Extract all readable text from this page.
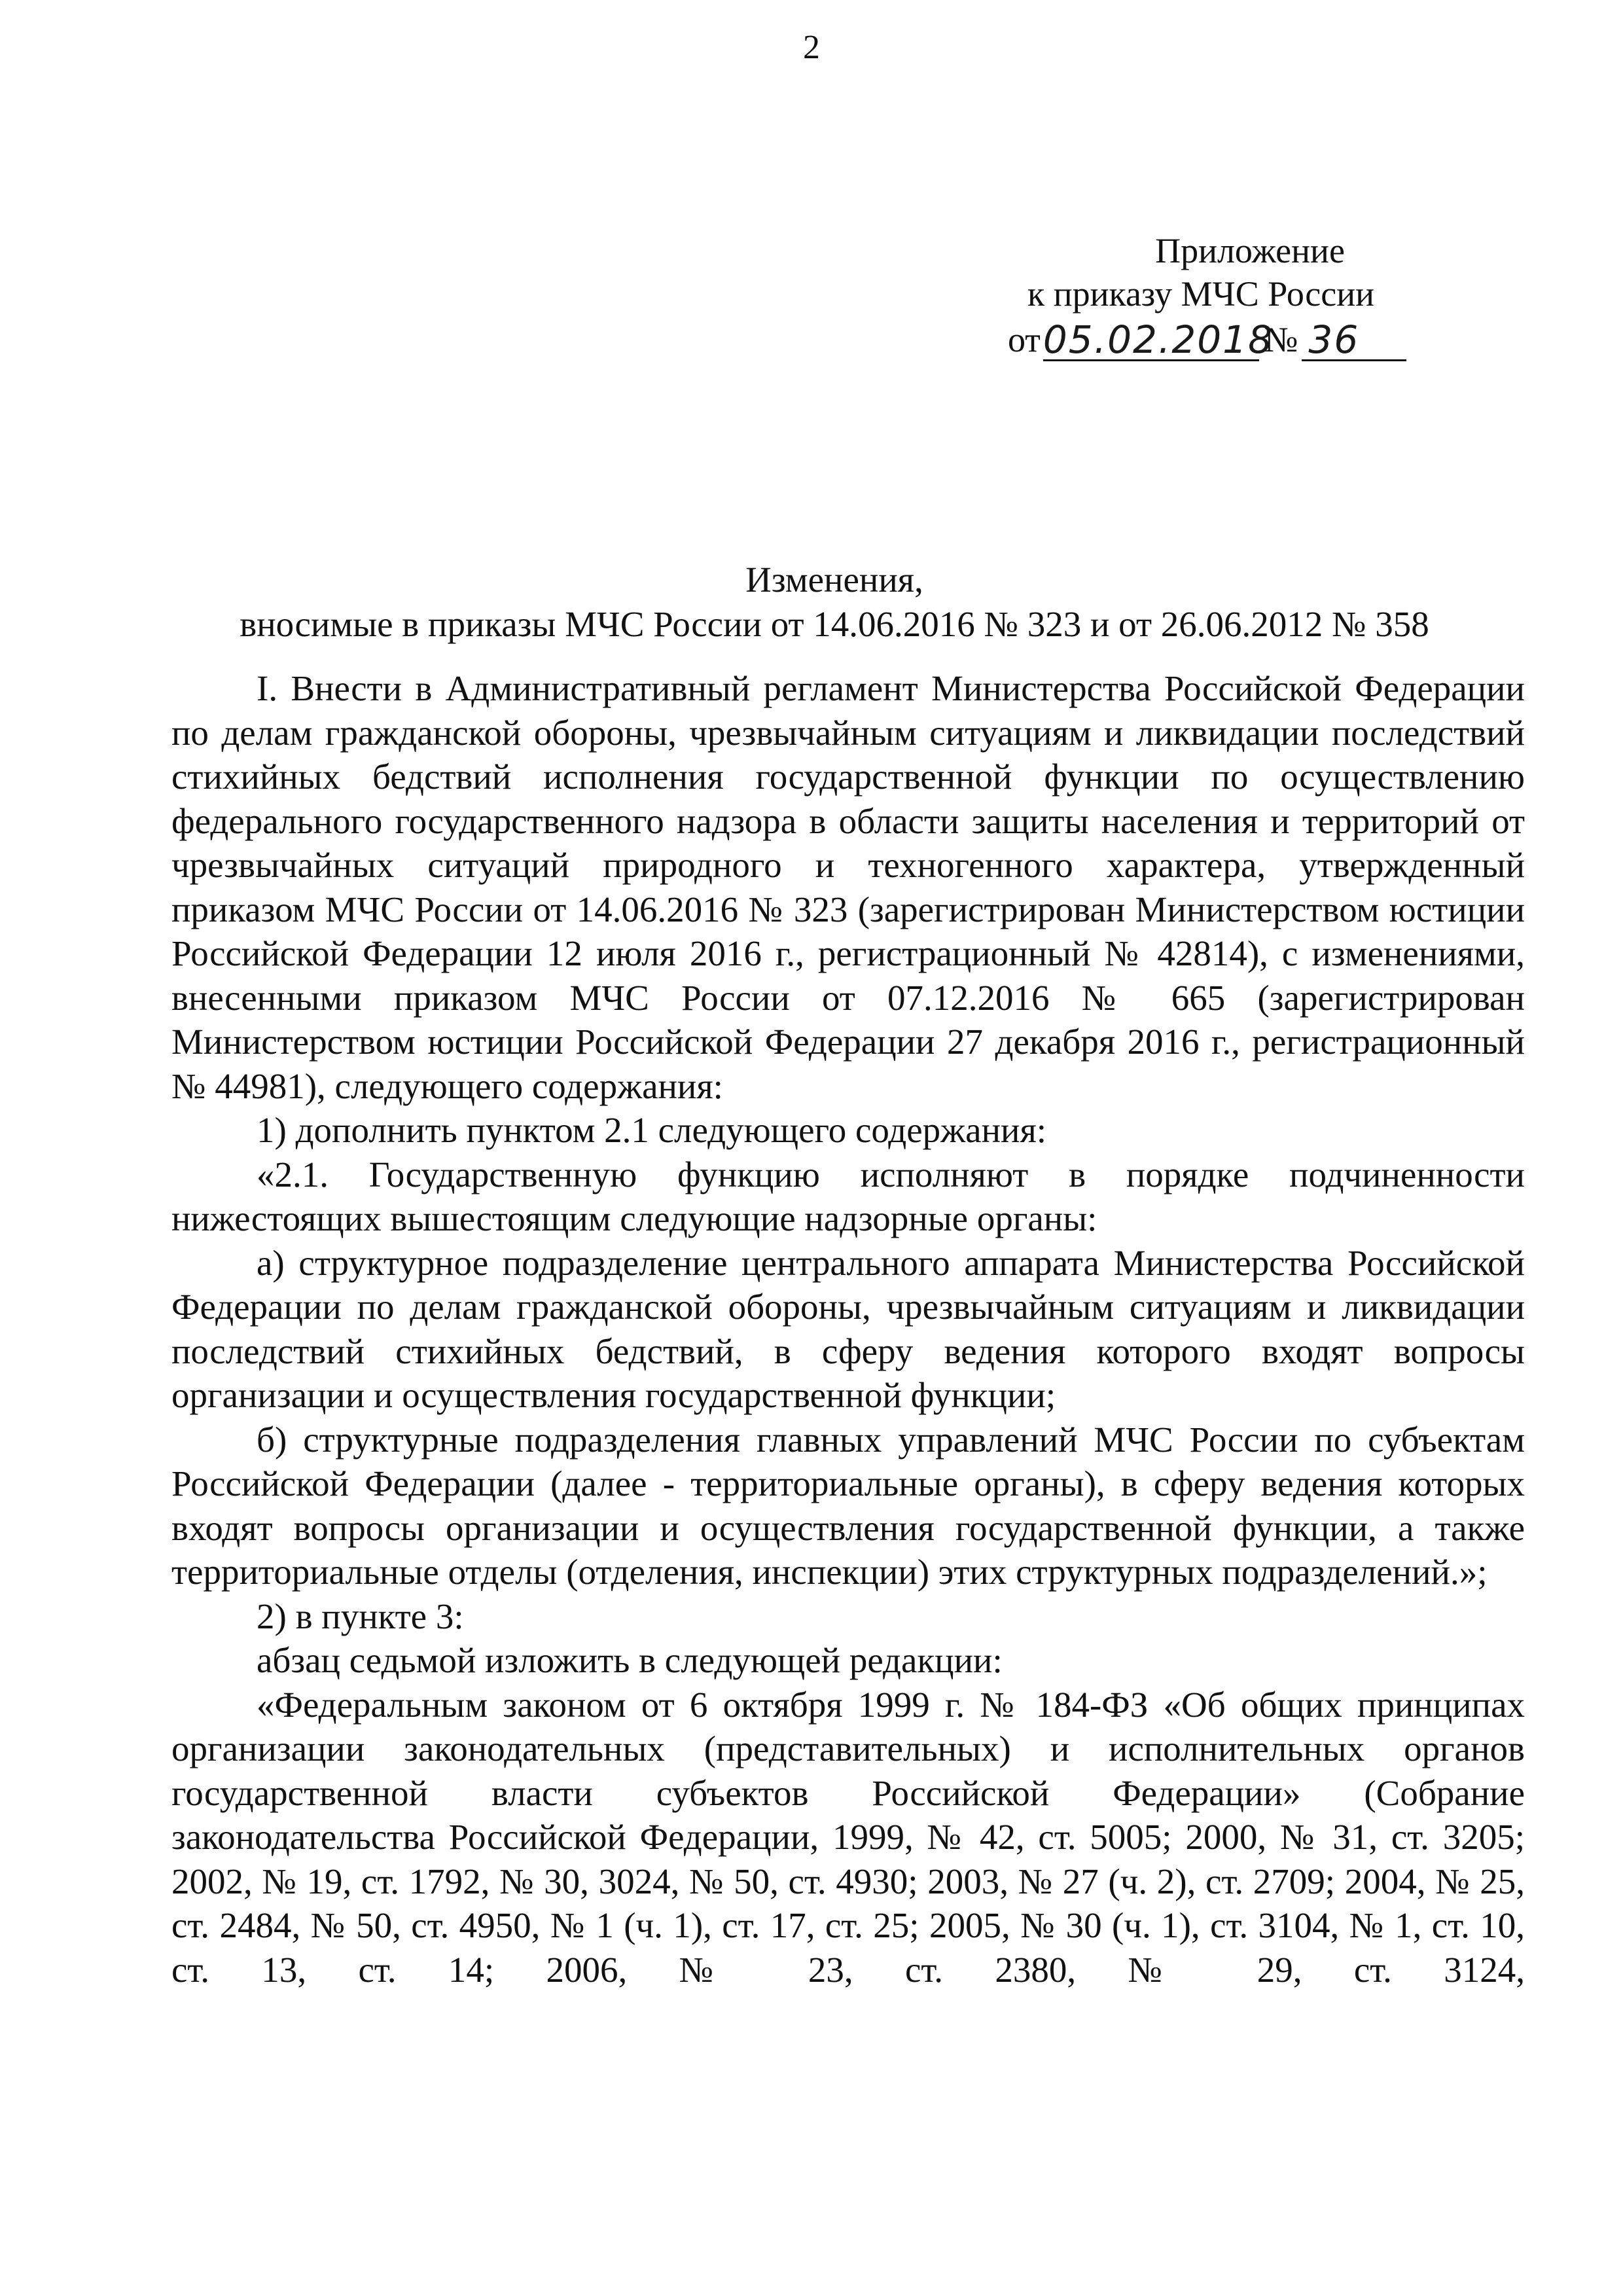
2
Приложение
к приказу МЧС России
от 05.02.2018
№ 36
Изменения,
вносимые в приказы МЧС России от 14.06.2016 № 323 и от 26.06.2012 № 358

I. Внести в Административный регламент Министерства Российской Федерации по делам гражданской обороны, чрезвычайным ситуациям и ликвидации последствий стихийных бедствий исполнения государственной функции по осуществлению федерального государственного надзора в области защиты населения и территорий от чрезвычайных ситуаций природного и техногенного характера, утвержденный приказом МЧС России от 14.06.2016 № 323 (зарегистрирован Министерством юстиции Российской Федерации 12 июля 2016 г., регистрационный № 42814), с изменениями, внесенными приказом МЧС России от 07.12.2016 № 665 (зарегистрирован Министерством юстиции Российской Федерации 27 декабря 2016 г., регистрационный № 44981), следующего содержания:

1) дополнить пунктом 2.1 следующего содержания:

«2.1. Государственную функцию исполняют в порядке подчиненности нижестоящих вышестоящим следующие надзорные органы:

а) структурное подразделение центрального аппарата Министерства Российской Федерации по делам гражданской обороны, чрезвычайным ситуациям и ликвидации последствий стихийных бедствий, в сферу ведения которого входят вопросы организации и осуществления государственной функции;

б) структурные подразделения главных управлений МЧС России по субъектам Российской Федерации (далее - территориальные органы), в сферу ведения которых входят вопросы организации и осуществления государственной функции, а также территориальные отделы (отделения, инспекции) этих структурных подразделений.»;

2) в пункте 3:

абзац седьмой изложить в следующей редакции:

«Федеральным законом от 6 октября 1999 г. № 184-ФЗ «Об общих принципах организации законодательных (представительных) и исполнительных органов государственной власти субъектов Российской Федерации» (Собрание законодательства Российской Федерации, 1999, № 42, ст. 5005; 2000, № 31, ст. 3205; 2002, № 19, ст. 1792, № 30, 3024, № 50, ст. 4930; 2003, № 27 (ч. 2), ст. 2709; 2004, № 25, ст. 2484, № 50, ст. 4950, № 1 (ч. 1), ст. 17, ст. 25; 2005, № 30 (ч. 1), ст. 3104, № 1, ст. 10, ст. 13, ст. 14; 2006, № 23, ст. 2380, № 29, ст. 3124,
